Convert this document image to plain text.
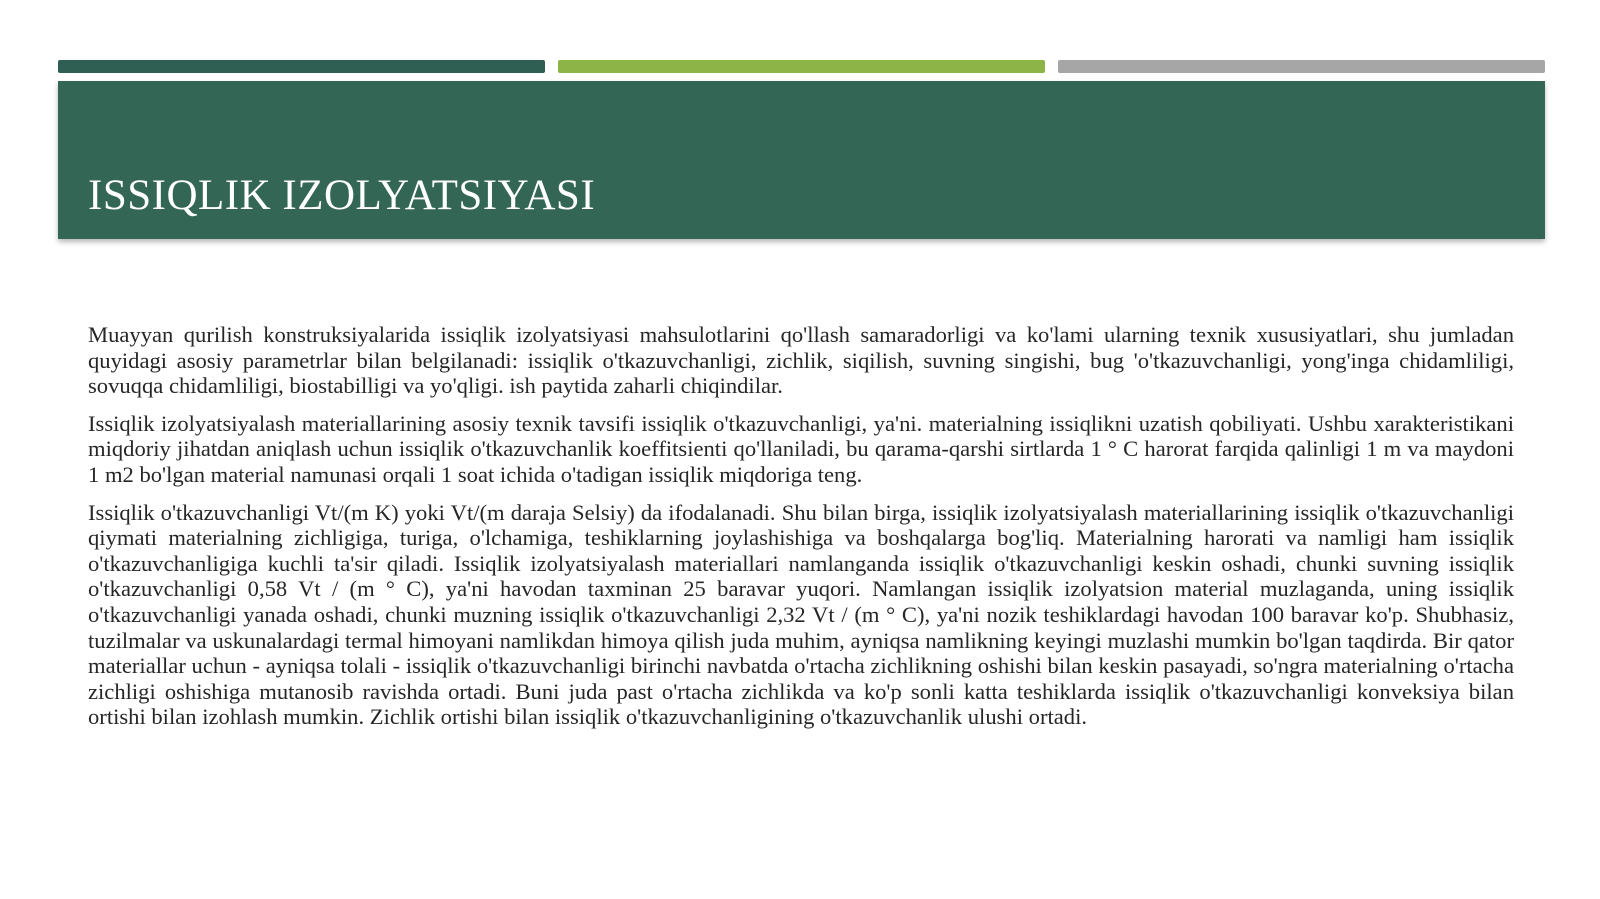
ISSIQLIK IZOLYATSIYASI

Muayyan qurilish konstruksiyalarida issiqlik izolyatsiyasi mahsulotlarini qo'llash samaradorligi va ko'lami ularning texnik xususiyatlari, shu jumladan quyidagi asosiy parametrlar bilan belgilanadi: issiqlik o'tkazuvchanligi, zichlik, siqilish, suvning singishi, bug 'o'tkazuvchanligi, yong'inga chidamliligi, sovuqqa chidamliligi, biostabilligi va yo'qligi. ish paytida zaharli chiqindilar.

Issiqlik izolyatsiyalash materiallarining asosiy texnik tavsifi issiqlik o'tkazuvchanligi, ya'ni. materialning issiqlikni uzatish qobiliyati. Ushbu xarakteristikani miqdoriy jihatdan aniqlash uchun issiqlik o'tkazuvchanlik koeffitsienti qo'llaniladi, bu qarama-qarshi sirtlarda 1 ° C harorat farqida qalinligi 1 m va maydoni 1 m2 bo'lgan material namunasi orqali 1 soat ichida o'tadigan issiqlik miqdoriga teng.

Issiqlik o'tkazuvchanligi Vt/(m K) yoki Vt/(m daraja Selsiy) da ifodalanadi. Shu bilan birga, issiqlik izolyatsiyalash materiallarining issiqlik o'tkazuvchanligi qiymati materialning zichligiga, turiga, o'lchamiga, teshiklarning joylashishiga va boshqalarga bog'liq. Materialning harorati va namligi ham issiqlik o'tkazuvchanligiga kuchli ta'sir qiladi. Issiqlik izolyatsiyalash materiallari namlanganda issiqlik o'tkazuvchanligi keskin oshadi, chunki suvning issiqlik o'tkazuvchanligi 0,58 Vt / (m ° C), ya'ni havodan taxminan 25 baravar yuqori. Namlangan issiqlik izolyatsion material muzlaganda, uning issiqlik o'tkazuvchanligi yanada oshadi, chunki muzning issiqlik o'tkazuvchanligi 2,32 Vt / (m ° C), ya'ni nozik teshiklardagi havodan 100 baravar ko'p. Shubhasiz, tuzilmalar va uskunalardagi termal himoyani namlikdan himoya qilish juda muhim, ayniqsa namlikning keyingi muzlashi mumkin bo'lgan taqdirda. Bir qator materiallar uchun - ayniqsa tolali - issiqlik o'tkazuvchanligi birinchi navbatda o'rtacha zichlikning oshishi bilan keskin pasayadi, so'ngra materialning o'rtacha zichligi oshishiga mutanosib ravishda ortadi. Buni juda past o'rtacha zichlikda va ko'p sonli katta teshiklarda issiqlik o'tkazuvchanligi konveksiya bilan ortishi bilan izohlash mumkin. Zichlik ortishi bilan issiqlik o'tkazuvchanligining o'tkazuvchanlik ulushi ortadi.
